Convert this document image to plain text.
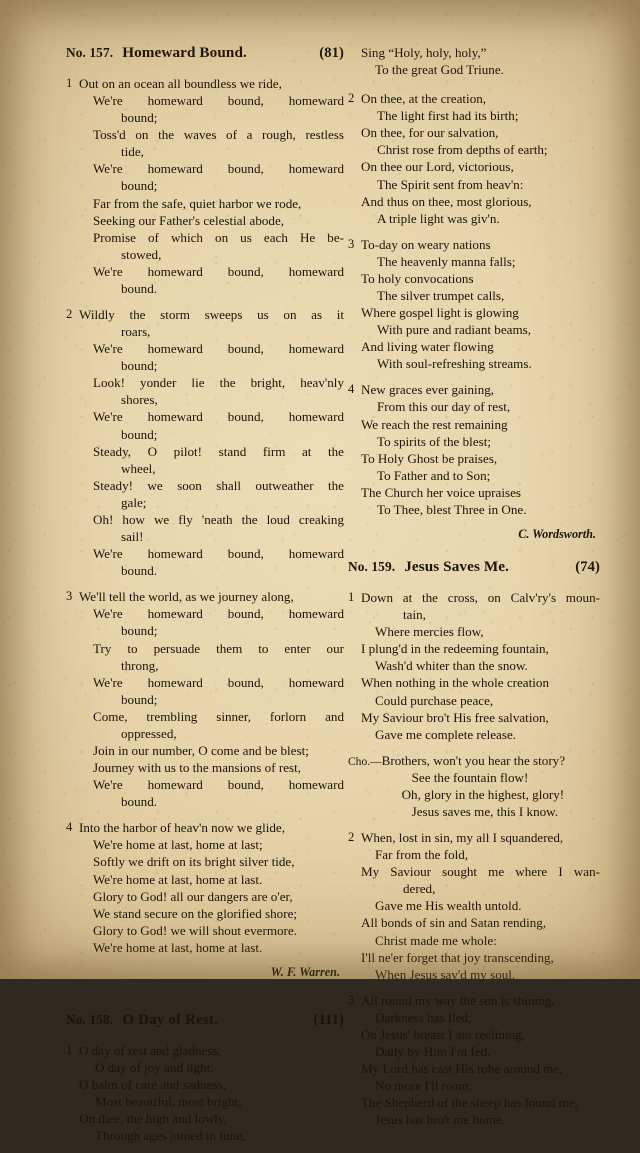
No. 157. Homeward Bound.	(81)
1 Out on an ocean all boundless we ride,
We're homeward bound, homeward
bound;
Toss'd on the waves of a rough, restless
tide,
We're homeward bound, homeward
bound;
Far from the safe, quiet harbor we rode,
Seeking our Father's celestial abode,
Promise of which on us each He be-
stowed,
We're homeward bound, homeward
bound.
2 Wildly the storm sweeps us on as it
roars,
We're homeward bound, homeward
bound;
Look! yonder lie the bright, heav'nly
shores,
We're homeward bound, homeward
bound;
Steady, O pilot! stand firm at the
wheel,
Steady! we soon shall outweather the
gale;
Oh! how we fly 'neath the loud creaking
sail!
We're homeward bound, homeward
bound.
3 We'll tell the world, as we journey along,
We're homeward bound, homeward
bound;
Try to persuade them to enter our
throng,
We're homeward bound, homeward
bound;
Come, trembling sinner, forlorn and
oppressed,
Join in our number, O come and be blest;
Journey with us to the mansions of rest,
We're homeward bound, homeward
bound.
4 Into the harbor of heav'n now we glide,
We're home at last, home at last;
Softly we drift on its bright silver tide,
We're home at last, home at last.
Glory to God! all our dangers are o'er,
We stand secure on the glorified shore;
Glory to God! we will shout evermore.
We're home at last, home at last.
W. F. Warren.
No. 158. O Day of Rest.	(111)
1 O day of rest and gladness,
O day of joy and light,
O balm of care and sadness,
Most beautiful, most bright;
On thee, the high and lowly,
Through ages joined in tune,
Sing “Holy, holy, holy,”
To the great God Triune.
2 On thee, at the creation,
The light first had its birth;
On thee, for our salvation,
Christ rose from depths of earth;
On thee our Lord, victorious,
The Spirit sent from heav'n:
And thus on thee, most glorious,
A triple light was giv'n.
3 To-day on weary nations
The heavenly manna falls;
To holy convocations
The silver trumpet calls,
Where gospel light is glowing
With pure and radiant beams,
And living water flowing
With soul-refreshing streams.
4 New graces ever gaining,
From this our day of rest,
We reach the rest remaining
To spirits of the blest;
To Holy Ghost be praises,
To Father and to Son;
The Church her voice upraises
To Thee, blest Three in One.
C. Wordsworth.
No. 159. Jesus Saves Me.	(74)
1 Down at the cross, on Calv'ry's moun-
tain,
Where mercies flow,
I plung'd in the redeeming fountain,
Wash'd whiter than the snow.
When nothing in the whole creation
Could purchase peace,
My Saviour bro't His free salvation,
Gave me complete release.
Cho.— Brothers, won't you hear the story?
See the fountain flow!
Oh, glory in the highest, glory!
Jesus saves me, this I know.
2 When, lost in sin, my all I squandered,
Far from the fold,
My Saviour sought me where I wan-
dered,
Gave me His wealth untold.
All bonds of sin and Satan rending,
Christ made me whole:
I'll ne'er forget that joy transcending,
When Jesus sav'd my soul.
3 All round my way the sun is shining,
Darkness has fled;
On Jesus' breast I am reclining,
Daily by Him I'm fed.
My Lord has cast His robe around me,
No more I'll roam;
The Shepherd of the sheep has found me,
Jesus has bro't me home.
